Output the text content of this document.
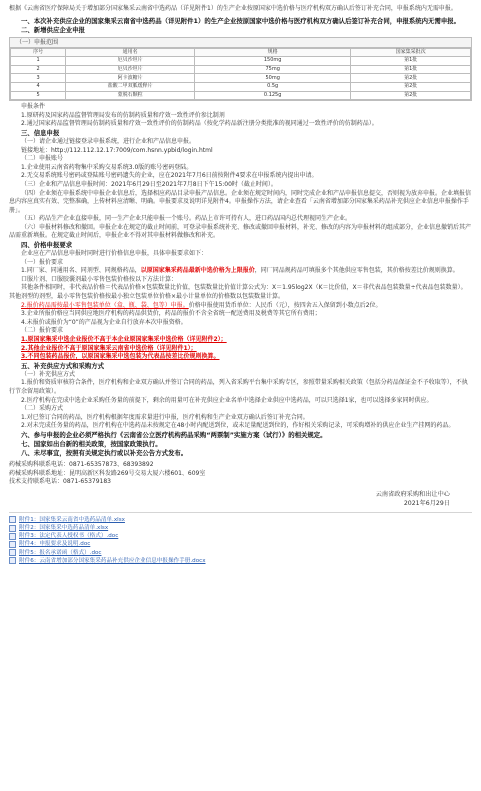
根据《云南省医疗保障局关于增加部分国家集采云南省中选药品（详见附件1）的生产企业按原国家中选价格与医疗机构双方确认后签订补充合同，申报系统内无需申报。

一、本次补充供应企业的国家集采云南省中选药品（详见附件1）的生产企业按原国家中选价格与医疗机构双方确认后签订补充合同，申报系统内无需申报。

二、新增供应企业申报

（一）申报范围
序号	通用名	规格	国家集采批次
1	厄贝沙坦片	150mg	第1批
2	厄贝沙坦片	75mg	第1批
3	阿卡波糖片	50mg	第2批
4	盐酸二甲双胍缓释片	0.5g	第2批
5	蒙脱石颗粒	0.125g	第2批

申报条件

1.原研药及国家药品监督管理局发布的仿制药质量和疗效一致性评价参比制剂

2.通过国家药品监督管理局仿制药质量和疗效一致性评价的仿制药品（按化学药品新注册分类批准的视同通过一致性评价的仿制药品）。

三、信息申报

（一）请企业通过链接登录申报系统，进行企业和产品信息申报。

链接地址：http://112.112.12.17:7009/com.hsnn.ypbid/login.html

（二）申报账号

1.企业使用云南省药物集中采购交易系统3.0版的账号密码登陆。

2.无交易系统账号密码或登陆账号密码遗失的企业，应在2021年7月6日前按附件4要求在申报系统内提出申请。

（三）企业和产品信息申报时间：2021年6月29日至2021年7月8日下午15:00时（截止时间）。

（四）企业须在申报系统中申报企业信息后，选择相应药品目录申报产品信息。企业须在规定时间内，同时完成企业和产品申报信息提交，否则视为放弃申报。企业填报信息内容应真实有效、完整准确，上传材料应清晰、明确。申报要求及说明详见附件4。申报操作方法，请企业查看「云南省增加部分国家集采药品补充供应企业信息申报操作手册」。

（五）药品生产企业直接申报，同一生产企业只能申报一个账号。药品上市许可持有人，进口药品国内总代理视同生产企业。

（六）申报材料修改和撤回。申报企业在规定的截止时间前，可登录申报系统补充、修改或撤回申报材料，补充、修改的内容为申报材料的组成部分，企业信息撤销后其产品需重新填报。在规定截止时间后，申报企业不得对其申报材料做修改和补充。

四、价格申报要求

企业应在产品信息申报时同时进行价格信息申报，具体申报要求如下：

（一）报价要求

1.同厂家、同通用名、同剂型、同规格药品，以原国家集采药品最新中选价格为上限报价，同厂同品规药品可填报多个其他供应零售包装，其价格按差比价规则换算。

口服片剂、口服胶囊剂最小零售包装价格按以下方法计算：

其他条件相同时，非代表品价格＝代表品价格×包装数量比价值，包装数量比价值计算公式为：X＝1.95log2X（K＝比价值，X＝非代表品包装数量÷代表品包装数量）。　　其他剂型的剂型，最小零售包装价格按最小独立包装单位价格×最小计量单位的价格数以包装数量计算。

2.报价药品需按最小零售包装单位（盒、瓶、袋、包等）申报。价格申报使用货币单位：人民币（元），按四舍五入保留到小数点后2位。

3.企业所报价格应当同供应地医疗机构的药品供货价，药品的报价不含全省统一配送费用及税费等其它所有费用；

4.未报价或报价为“0”的产品视为企业自行放弃本次申报资格。

（二）报价要求

1.原国家集采中选企业报价不高于本企业原国家集采中选价格（详见附件2）；

2.其他企业报价不高于原国家集采云南省中选价格（详见附件1）；

3.不同包装药品报价，以原国家集采中选包装为代表品按差比价规则换算。

五、补充供应方式和采购方式

（一）补充供应方式

1.报价和资质审核符合条件，医疗机构和企业双方确认并签订合同的药品，列入省采购平台集中采购专区，参照带量采购相关政策（包括分药品保证金不予收取等），不执行节余留用政策）。

2.医疗机构在完成中选企业采购任务量的前提下，剩余的用量可在补充供应企业名单中选择企业供应中选药品，可以只选择1家，也可以选择多家同时供应。

（二）采购方式

1.对已签订合同的药品，医疗机构根据年度需求量进行申报，医疗机构和生产企业双方确认后签订补充合同。

2.对未完成任务量的药品，医疗机构在中选药品未按规定在48小时内配送到位，或未足量配送到位的，作好相关采购记录，可采购增补的供应企业生产挂网的药品。

六、参与申报的企业必须严格执行《云南省公立医疗机构药品采购“两票制”实施方案（试行）》的相关规定。

七、国家如出台新的相关政策，按国家政策执行。

八、未尽事宜，按照有关规定执行或以补充公告方式发布。

药械采购科联系电话：0871-65357873、68393892

药械采购科联系地址：昆明高新区科发路269号交易大厦六楼601、609室

技术支持联系电话：0871-65379183

云南省政府采购和出让中心

2021年6月29日

附件1：国家集采云南省中选药品清单.xlsx
附件2：国家集采中选药品清单.xlsx
附件3：法定代表人授权书（格式）.doc
附件4：申报要求及说明.doc
附件5：报名承诺函（格式）.doc
附件6：云南省增加部分国家集采药品补充供应企业信息申报操作手册.docx
